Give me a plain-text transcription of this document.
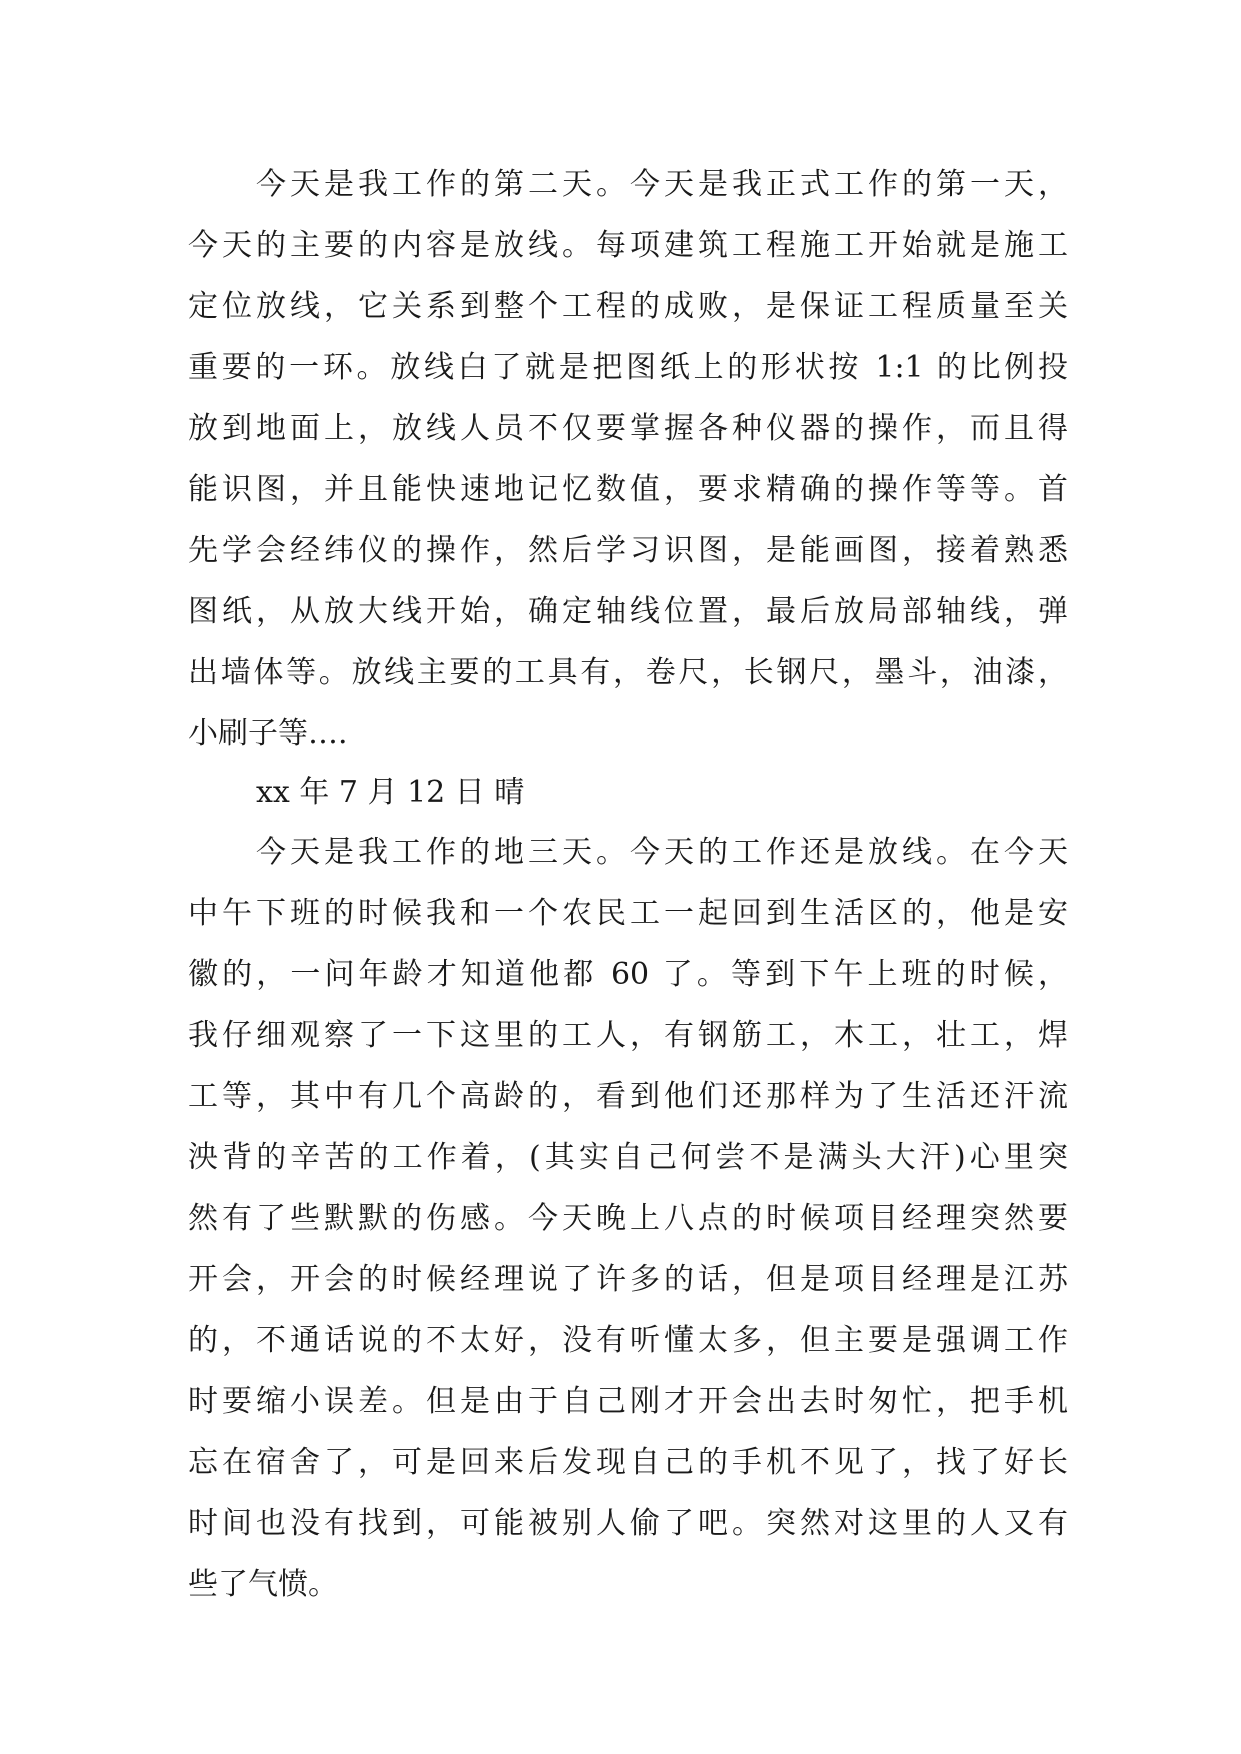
今天是我工作的第二天。今天是我正式工作的第一天，
今天的主要的内容是放线。每项建筑工程施工开始就是施工
定位放线，它关系到整个工程的成败，是保证工程质量至关
重要的一环。放线白了就是把图纸上的形状按 1:1 的比例投
放到地面上，放线人员不仅要掌握各种仪器的操作，而且得
能识图，并且能快速地记忆数值，要求精确的操作等等。首
先学会经纬仪的操作，然后学习识图，是能画图，接着熟悉
图纸，从放大线开始，确定轴线位置，最后放局部轴线，弹
出墙体等。放线主要的工具有，卷尺，长钢尺，墨斗，油漆，
小刷子等….
xx 年 7 月 12 日 晴
今天是我工作的地三天。今天的工作还是放线。在今天
中午下班的时候我和一个农民工一起回到生活区的，他是安
徽的，一问年龄才知道他都 60 了。等到下午上班的时候，
我仔细观察了一下这里的工人，有钢筋工，木工，壮工，焊
工等，其中有几个高龄的，看到他们还那样为了生活还汗流
泱背的辛苦的工作着，(其实自己何尝不是满头大汗)心里突
然有了些默默的伤感。今天晚上八点的时候项目经理突然要
开会，开会的时候经理说了许多的话，但是项目经理是江苏
的，不通话说的不太好，没有听懂太多，但主要是强调工作
时要缩小误差。但是由于自己刚才开会出去时匆忙，把手机
忘在宿舍了，可是回来后发现自己的手机不见了，找了好长
时间也没有找到，可能被别人偷了吧。突然对这里的人又有
些了气愤。
